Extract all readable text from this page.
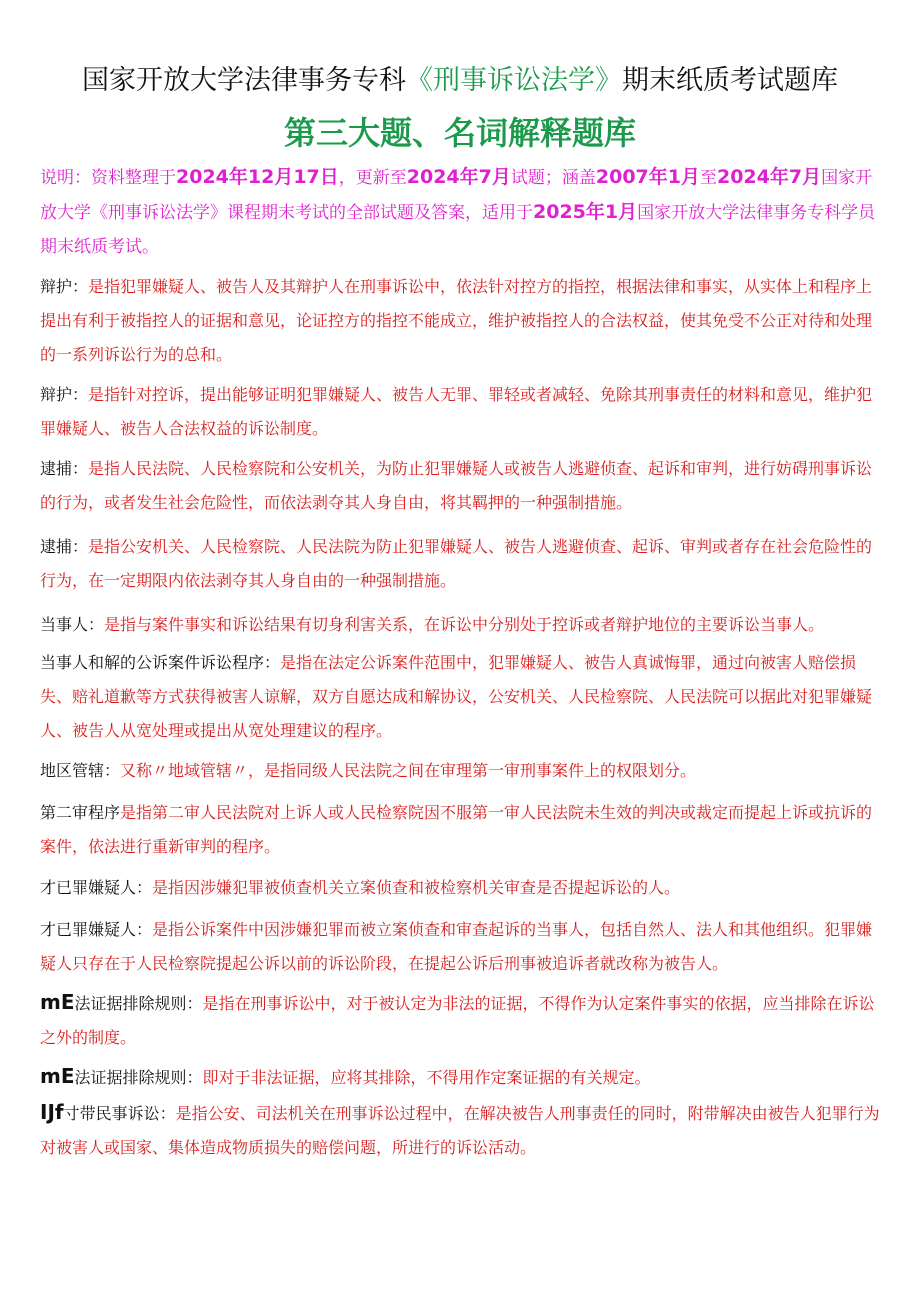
国家开放大学法律事务专科《刑事诉讼法学》期末纸质考试题库
第三大题、名词解释题库
说明：资料整理于2024年12月17日，更新至2024年7月试题；涵盖2007年1月至2024年7月国家开放大学《刑事诉讼法学》课程期末考试的全部试题及答案，适用于2025年1月国家开放大学法律事务专科学员期末纸质考试。
辩护：是指犯罪嫌疑人、被告人及其辩护人在刑事诉讼中，依法针对控方的指控，根据法律和事实，从实体上和程序上提出有利于被指控人的证据和意见，论证控方的指控不能成立，维护被指控人的合法权益，使其免受不公正对待和处理的一系列诉讼行为的总和。
辩护：是指针对控诉，提出能够证明犯罪嫌疑人、被告人无罪、罪轻或者减轻、免除其刑事责任的材料和意见，维护犯罪嫌疑人、被告人合法权益的诉讼制度。
逮捕：是指人民法院、人民检察院和公安机关，为防止犯罪嫌疑人或被告人逃避侦查、起诉和审判，进行妨碍刑事诉讼的行为，或者发生社会危险性，而依法剥夺其人身自由，将其羁押的一种强制措施。
逮捕：是指公安机关、人民检察院、人民法院为防止犯罪嫌疑人、被告人逃避侦查、起诉、审判或者存在社会危险性的行为，在一定期限内依法剥夺其人身自由的一种强制措施。
当事人：是指与案件事实和诉讼结果有切身利害关系，在诉讼中分别处于控诉或者辩护地位的主要诉讼当事人。
当事人和解的公诉案件诉讼程序：是指在法定公诉案件范围中，犯罪嫌疑人、被告人真诚悔罪，通过向被害人赔偿损失、赔礼道歉等方式获得被害人谅解，双方自愿达成和解协议，公安机关、人民检察院、人民法院可以据此对犯罪嫌疑人、被告人从宽处理或提出从宽处理建议的程序。
地区管辖：又称〃地域管辖〃，是指同级人民法院之间在审理第一审刑事案件上的权限划分。
第二审程序是指第二审人民法院对上诉人或人民检察院因不服第一审人民法院未生效的判决或裁定而提起上诉或抗诉的案件，依法进行重新审判的程序。
才已罪嫌疑人：是指因涉嫌犯罪被侦查机关立案侦查和被检察机关审查是否提起诉讼的人。
才已罪嫌疑人：是指公诉案件中因涉嫌犯罪而被立案侦查和审查起诉的当事人，包括自然人、法人和其他组织。犯罪嫌疑人只存在于人民检察院提起公诉以前的诉讼阶段，在提起公诉后刑事被追诉者就改称为被告人。
mE法证据排除规则：是指在刑事诉讼中，对于被认定为非法的证据，不得作为认定案件事实的依据，应当排除在诉讼之外的制度。
mE法证据排除规则：即对于非法证据，应将其排除，不得用作定案证据的有关规定。
IJf寸带民事诉讼：是指公安、司法机关在刑事诉讼过程中，在解决被告人刑事责任的同时，附带解决由被告人犯罪行为对被害人或国家、集体造成物质损失的赔偿问题，所进行的诉讼活动。
